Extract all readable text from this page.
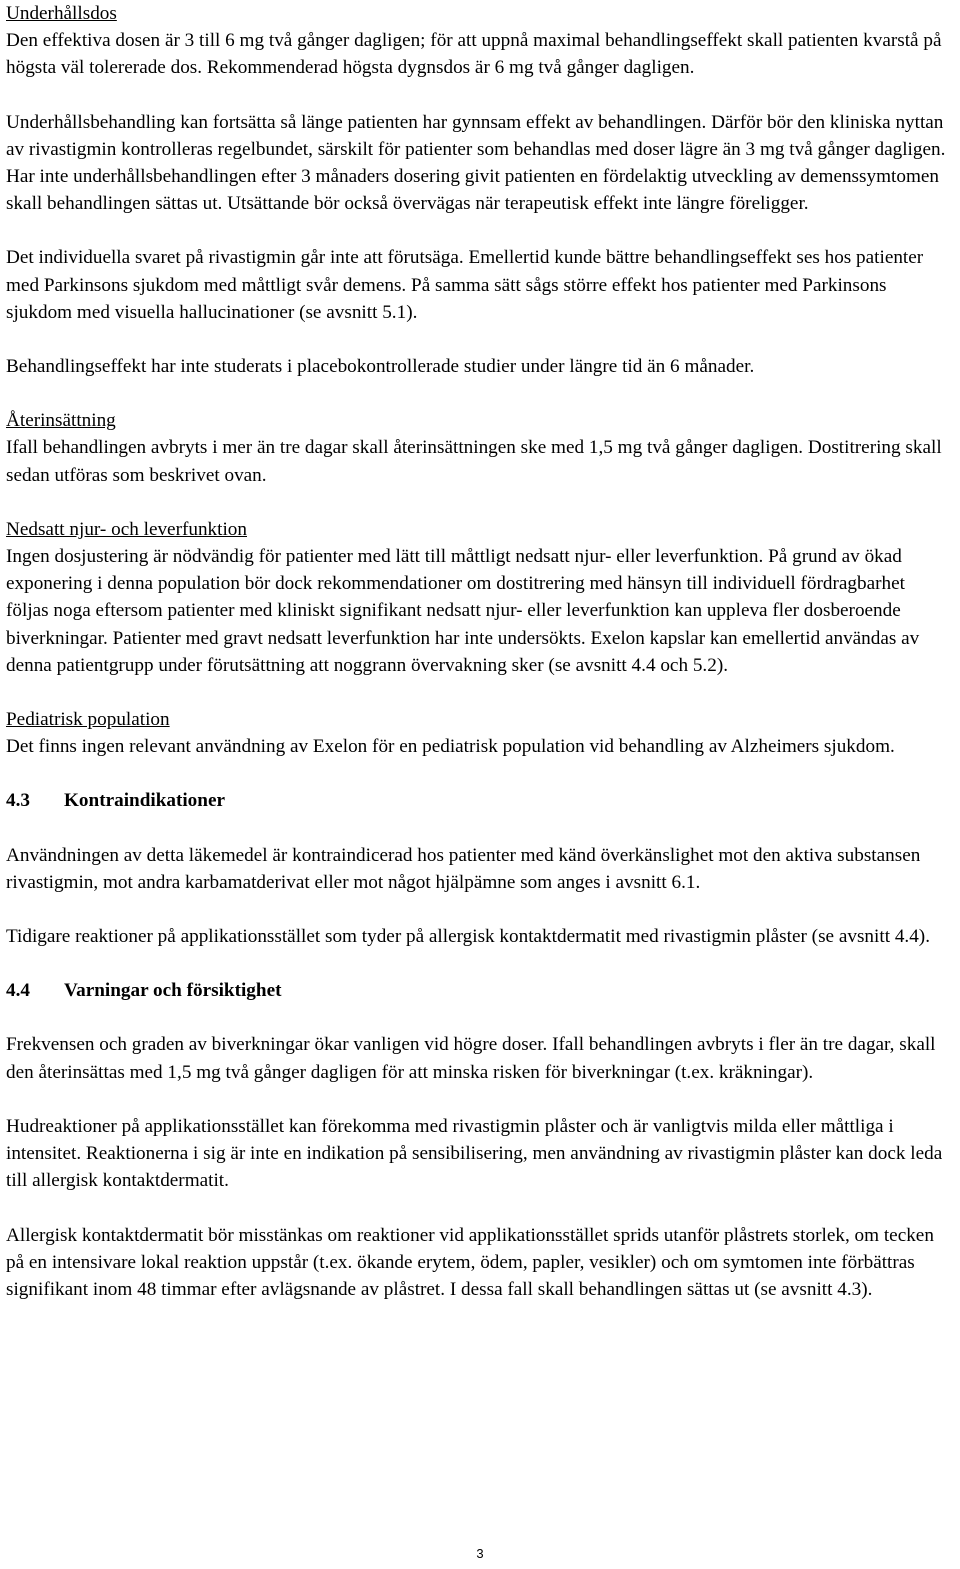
Underhållsdos
Den effektiva dosen är 3 till 6 mg två gånger dagligen; för att uppnå maximal behandlingseffekt skall patienten kvarstå på högsta väl tolererade dos. Rekommenderad högsta dygnsdos är 6 mg två gånger dagligen.

Underhållsbehandling kan fortsätta så länge patienten har gynnsam effekt av behandlingen. Därför bör den kliniska nyttan av rivastigmin kontrolleras regelbundet, särskilt för patienter som behandlas med doser lägre än 3 mg två gånger dagligen. Har inte underhållsbehandlingen efter 3 månaders dosering givit patienten en fördelaktig utveckling av demenssymtomen skall behandlingen sättas ut. Utsättande bör också övervägas när terapeutisk effekt inte längre föreligger.

Det individuella svaret på rivastigmin går inte att förutsäga. Emellertid kunde bättre behandlingseffekt ses hos patienter med Parkinsons sjukdom med måttligt svår demens. På samma sätt sågs större effekt hos patienter med Parkinsons sjukdom med visuella hallucinationer (se avsnitt 5.1).

Behandlingseffekt har inte studerats i placebokontrollerade studier under längre tid än 6 månader.

Återinsättning
Ifall behandlingen avbryts i mer än tre dagar skall återinsättningen ske med 1,5 mg två gånger dagligen. Dostitrering skall sedan utföras som beskrivet ovan.

Nedsatt njur- och leverfunktion
Ingen dosjustering är nödvändig för patienter med lätt till måttligt nedsatt njur- eller leverfunktion. På grund av ökad exponering i denna population bör dock rekommendationer om dostitrering med hänsyn till individuell fördragbarhet följas noga eftersom patienter med kliniskt signifikant nedsatt njur- eller leverfunktion kan uppleva fler dosberoende biverkningar. Patienter med gravt nedsatt leverfunktion har inte undersökts. Exelon kapslar kan emellertid användas av denna patientgrupp under förutsättning att noggrann övervakning sker (se avsnitt 4.4 och 5.2).

Pediatrisk population
Det finns ingen relevant användning av Exelon för en pediatrisk population vid behandling av Alzheimers sjukdom.

4.3	Kontraindikationer

Användningen av detta läkemedel är kontraindicerad hos patienter med känd överkänslighet mot den aktiva substansen rivastigmin, mot andra karbamatderivat eller mot något hjälpämne som anges i avsnitt 6.1.

Tidigare reaktioner på applikationsstället som tyder på allergisk kontaktdermatit med rivastigmin plåster (se avsnitt 4.4).

4.4	Varningar och försiktighet

Frekvensen och graden av biverkningar ökar vanligen vid högre doser. Ifall behandlingen avbryts i fler än tre dagar, skall den återinsättas med 1,5 mg två gånger dagligen för att minska risken för biverkningar (t.ex. kräkningar).

Hudreaktioner på applikationsstället kan förekomma med rivastigmin plåster och är vanligtvis milda eller måttliga i intensitet. Reaktionerna i sig är inte en indikation på sensibilisering, men användning av rivastigmin plåster kan dock leda till allergisk kontaktdermatit.

Allergisk kontaktdermatit bör misstänkas om reaktioner vid applikationsstället sprids utanför plåstrets storlek, om tecken på en intensivare lokal reaktion uppstår (t.ex. ökande erytem, ödem, papler, vesikler) och om symtomen inte förbättras signifikant inom 48 timmar efter avlägsnande av plåstret. I dessa fall skall behandlingen sättas ut (se avsnitt 4.3).

3
